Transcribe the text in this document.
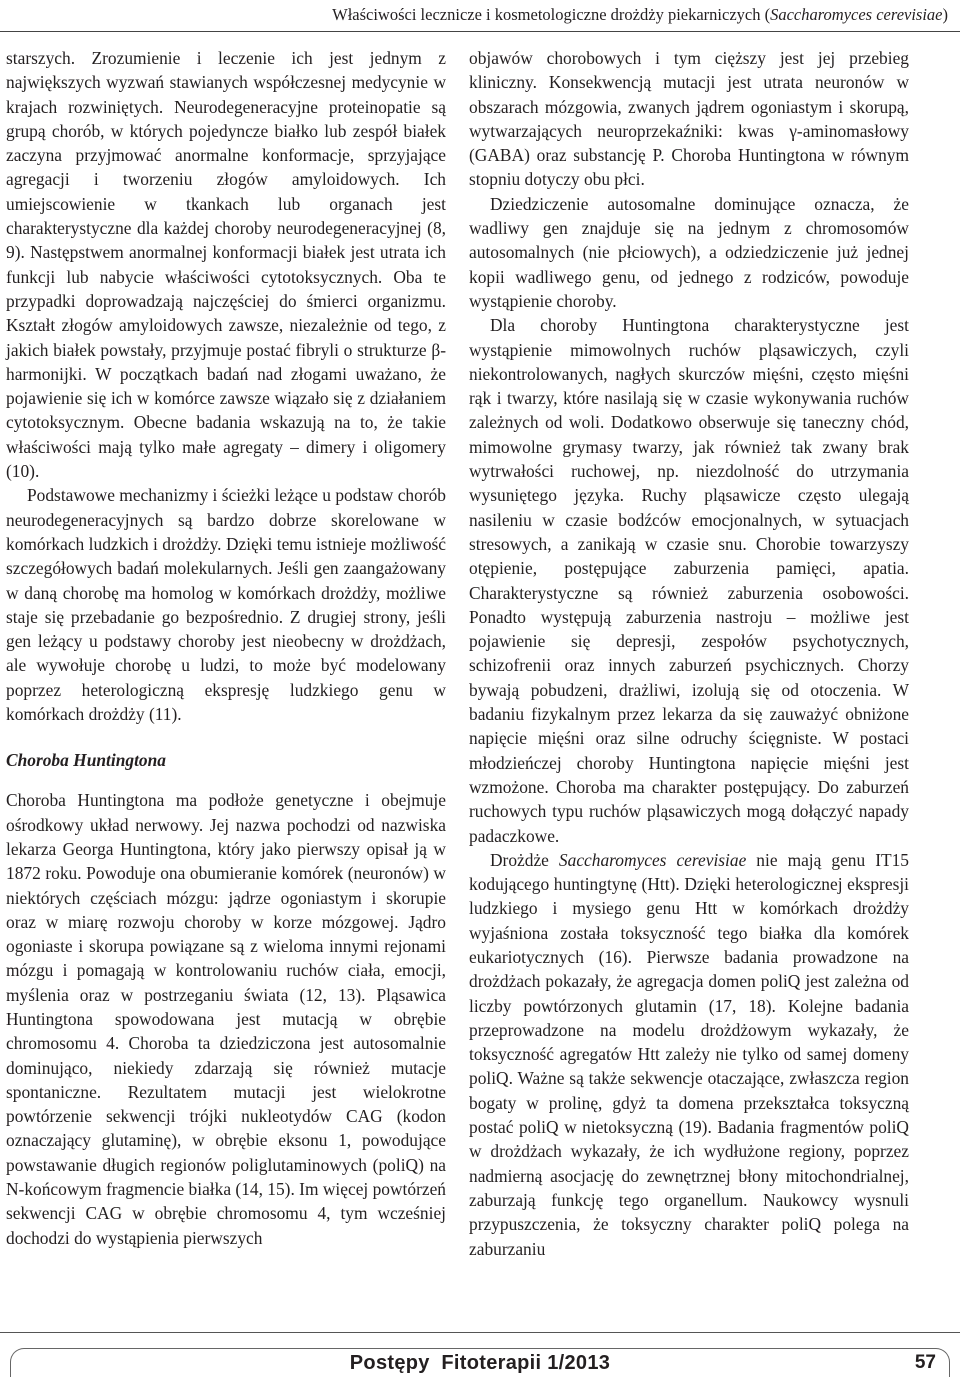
Właściwości lecznicze i kosmetologiczne drożdży piekarniczych (Saccharomyces cerevisiae)

starszych. Zrozumienie i leczenie ich jest jednym z największych wyzwań stawianych współczesnej medycynie w krajach rozwiniętych. Neurodegeneracyjne proteinopatie są grupą chorób, w których pojedyncze białko lub zespół białek zaczyna przyjmować anormalne konformacje, sprzyjające agregacji i tworzeniu złogów amyloidowych. Ich umiejscowienie w tkankach lub organach jest charakterystyczne dla każdej choroby neurodegeneracyjnej (8, 9). Następstwem anormalnej konformacji białek jest utrata ich funkcji lub nabycie właściwości cytotoksycznych. Oba te przypadki doprowadzają najczęściej do śmierci organizmu. Kształt złogów amyloidowych zawsze, niezależnie od tego, z jakich białek powstały, przyjmuje postać fibryli o strukturze β-harmonijki. W początkach badań nad złogami uważano, że pojawienie się ich w komórce zawsze wiązało się z działaniem cytotoksycznym. Obecne badania wskazują na to, że takie właściwości mają tylko małe agregaty – dimery i oligomery (10).

Podstawowe mechanizmy i ścieżki leżące u podstaw chorób neurodegeneracyjnych są bardzo dobrze skorelowane w komórkach ludzkich i drożdży. Dzięki temu istnieje możliwość szczegółowych badań molekularnych. Jeśli gen zaangażowany w daną chorobę ma homolog w komórkach drożdży, możliwe staje się przebadanie go bezpośrednio. Z drugiej strony, jeśli gen leżący u podstawy choroby jest nieobecny w drożdżach, ale wywołuje chorobę u ludzi, to może być modelowany poprzez heterologiczną ekspresję ludzkiego genu w komórkach drożdży (11).

Choroba Huntingtona

Choroba Huntingtona ma podłoże genetyczne i obejmuje ośrodkowy układ nerwowy. Jej nazwa pochodzi od nazwiska lekarza Georga Huntingtona, który jako pierwszy opisał ją w 1872 roku. Powoduje ona obumieranie komórek (neuronów) w niektórych częściach mózgu: jądrze ogoniastym i skorupie oraz w miarę rozwoju choroby w korze mózgowej. Jądro ogoniaste i skorupa powiązane są z wieloma innymi rejonami mózgu i pomagają w kontrolowaniu ruchów ciała, emocji, myślenia oraz w postrzeganiu świata (12, 13). Pląsawica Huntingtona spowodowana jest mutacją w obrębie chromosomu 4. Choroba ta dziedziczona jest autosomalnie dominująco, niekiedy zdarzają się również mutacje spontaniczne. Rezultatem mutacji jest wielokrotne powtórzenie sekwencji trójki nukleotydów CAG (kodon oznaczający glutaminę), w obrębie eksonu 1, powodujące powstawanie długich regionów poliglutaminowych (poliQ) na N-końcowym fragmencie białka (14, 15). Im więcej powtórzeń sekwencji CAG w obrębie chromosomu 4, tym wcześniej dochodzi do wystąpienia pierwszych

objawów chorobowych i tym cięższy jest jej przebieg kliniczny. Konsekwencją mutacji jest utrata neuronów w obszarach mózgowia, zwanych jądrem ogoniastym i skorupą, wytwarzających neuroprzekaźniki: kwas γ-aminomasłowy (GABA) oraz substancję P. Choroba Huntingtona w równym stopniu dotyczy obu płci.

Dziedziczenie autosomalne dominujące oznacza, że wadliwy gen znajduje się na jednym z chromosomów autosomalnych (nie płciowych), a odziedziczenie już jednej kopii wadliwego genu, od jednego z rodziców, powoduje wystąpienie choroby.

Dla choroby Huntingtona charakterystyczne jest wystąpienie mimowolnych ruchów pląsawiczych, czyli niekontrolowanych, nagłych skurczów mięśni, często mięśni rąk i twarzy, które nasilają się w czasie wykonywania ruchów zależnych od woli. Dodatkowo obserwuje się taneczny chód, mimowolne grymasy twarzy, jak również tak zwany brak wytrwałości ruchowej, np. niezdolność do utrzymania wysuniętego języka. Ruchy pląsawicze często ulegają nasileniu w czasie bodźców emocjonalnych, w sytuacjach stresowych, a zanikają w czasie snu. Chorobie towarzyszy otępienie, postępujące zaburzenia pamięci, apatia. Charakterystyczne są również zaburzenia osobowości. Ponadto występują zaburzenia nastroju – możliwe jest pojawienie się depresji, zespołów psychotycznych, schizofrenii oraz innych zaburzeń psychicznych. Chorzy bywają pobudzeni, drażliwi, izolują się od otoczenia. W badaniu fizykalnym przez lekarza da się zauważyć obniżone napięcie mięśni oraz silne odruchy ścięgniste. W postaci młodzieńczej choroby Huntingtona napięcie mięśni jest wzmożone. Choroba ma charakter postępujący. Do zaburzeń ruchowych typu ruchów pląsawiczych mogą dołączyć napady padaczkowe.

Drożdże Saccharomyces cerevisiae nie mają genu IT15 kodującego huntingtynę (Htt). Dzięki heterologicznej ekspresji ludzkiego i mysiego genu Htt w komórkach drożdży wyjaśniona została toksyczność tego białka dla komórek eukariotycznych (16). Pierwsze badania prowadzone na drożdżach pokazały, że agregacja domen poliQ jest zależna od liczby powtórzonych glutamin (17, 18). Kolejne badania przeprowadzone na modelu drożdżowym wykazały, że toksyczność agregatów Htt zależy nie tylko od samej domeny poliQ. Ważne są także sekwencje otaczające, zwłaszcza region bogaty w prolinę, gdyż ta domena przekształca toksyczną postać poliQ w nietoksyczną (19). Badania fragmentów poliQ w drożdżach wykazały, że ich wydłużone regiony, poprzez nadmierną asocjację do zewnętrznej błony mitochondrialnej, zaburzają funkcję tego organellum. Naukowcy wysnuli przypuszczenia, że toksyczny charakter poliQ polega na zaburzaniu

Postępy  Fitoterapii 1/2013	57
